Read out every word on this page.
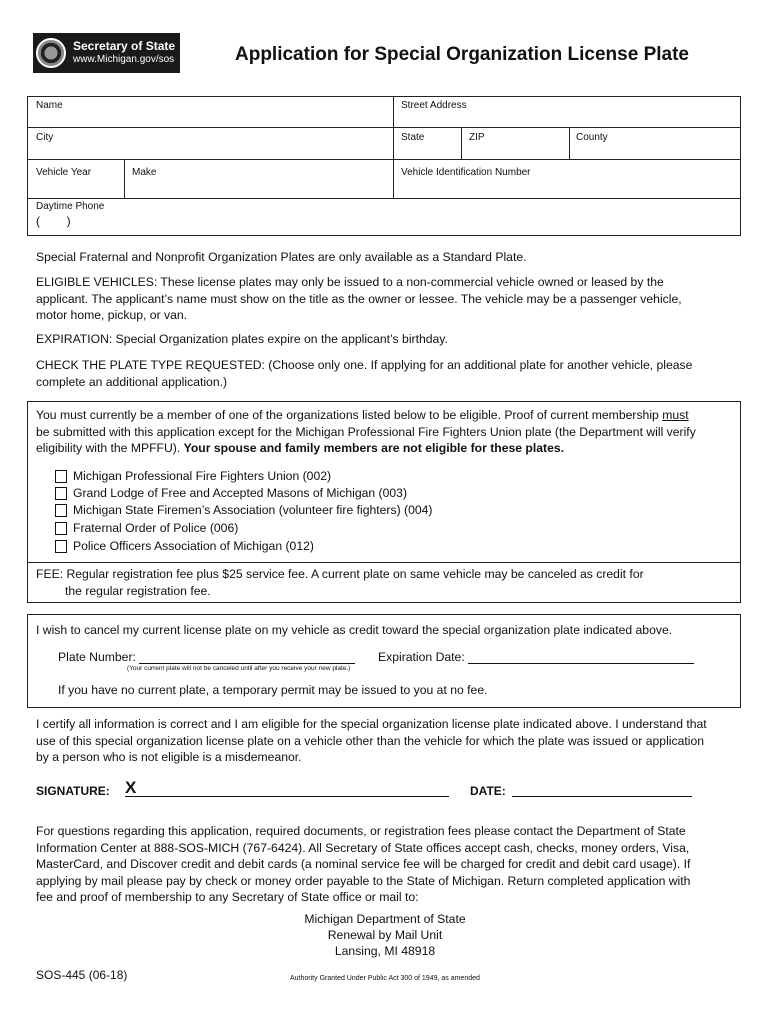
Secretary of State
www.Michigan.gov/sos	Application for Special Organization License Plate
Name	Street Address
City	State	ZIP	County
Vehicle Year	Make	Vehicle Identification Number
Daytime Phone
(        )

Special Fraternal and Nonprofit Organization Plates are only available as a Standard Plate.

ELIGIBLE VEHICLES: These license plates may only be issued to a non-commercial vehicle owned or leased by the

applicant. The applicant’s name must show on the title as the owner or lessee. The vehicle may be a passenger vehicle,

motor home, pickup, or van.

EXPIRATION: Special Organization plates expire on the applicant’s birthday.

CHECK THE PLATE TYPE REQUESTED: (Choose only one. If applying for an additional plate for another vehicle, please

complete an additional application.)

You must currently be a member of one of the organizations listed below to be eligible. Proof of current membership must

be submitted with this application except for the Michigan Professional Fire Fighters Union plate (the Department will verify

eligibility with the MPFFU). Your spouse and family members are not eligible for these plates.

Michigan Professional Fire Fighters Union (002)
Grand Lodge of Free and Accepted Masons of Michigan (003)
Michigan State Firemen’s Association (volunteer fire fighters) (004)
Fraternal Order of Police (006)
Police Officers Association of Michigan (012)

FEE: Regular registration fee plus $25 service fee. A current plate on same vehicle may be canceled as credit for

the regular registration fee.

I wish to cancel my current license plate on my vehicle as credit toward the special organization plate indicated above.
Plate Number:	Expiration Date:
(Your current plate will not be canceled until after you receive your new plate.)
If you have no current plate, a temporary permit may be issued to you at no fee.

I certify all information is correct and I am eligible for the special organization license plate indicated above. I understand that

use of this special organization license plate on a vehicle other than the vehicle for which the plate was issued or application

by a person who is not eligible is a misdemeanor.

SIGNATURE: X	DATE:

For questions regarding this application, required documents, or registration fees please contact the Department of State

Information Center at 888-SOS-MICH (767-6424). All Secretary of State offices accept cash, checks, money orders, Visa,

MasterCard, and Discover credit and debit cards (a nominal service fee will be charged for credit and debit card usage). If

applying by mail please pay by check or money order payable to the State of Michigan. Return completed application with

fee and proof of membership to any Secretary of State office or mail to:

Michigan Department of State
Renewal by Mail Unit
Lansing, MI 48918
SOS-445 (06-18)	Authority Granted Under Public Act 300 of 1949, as amended
